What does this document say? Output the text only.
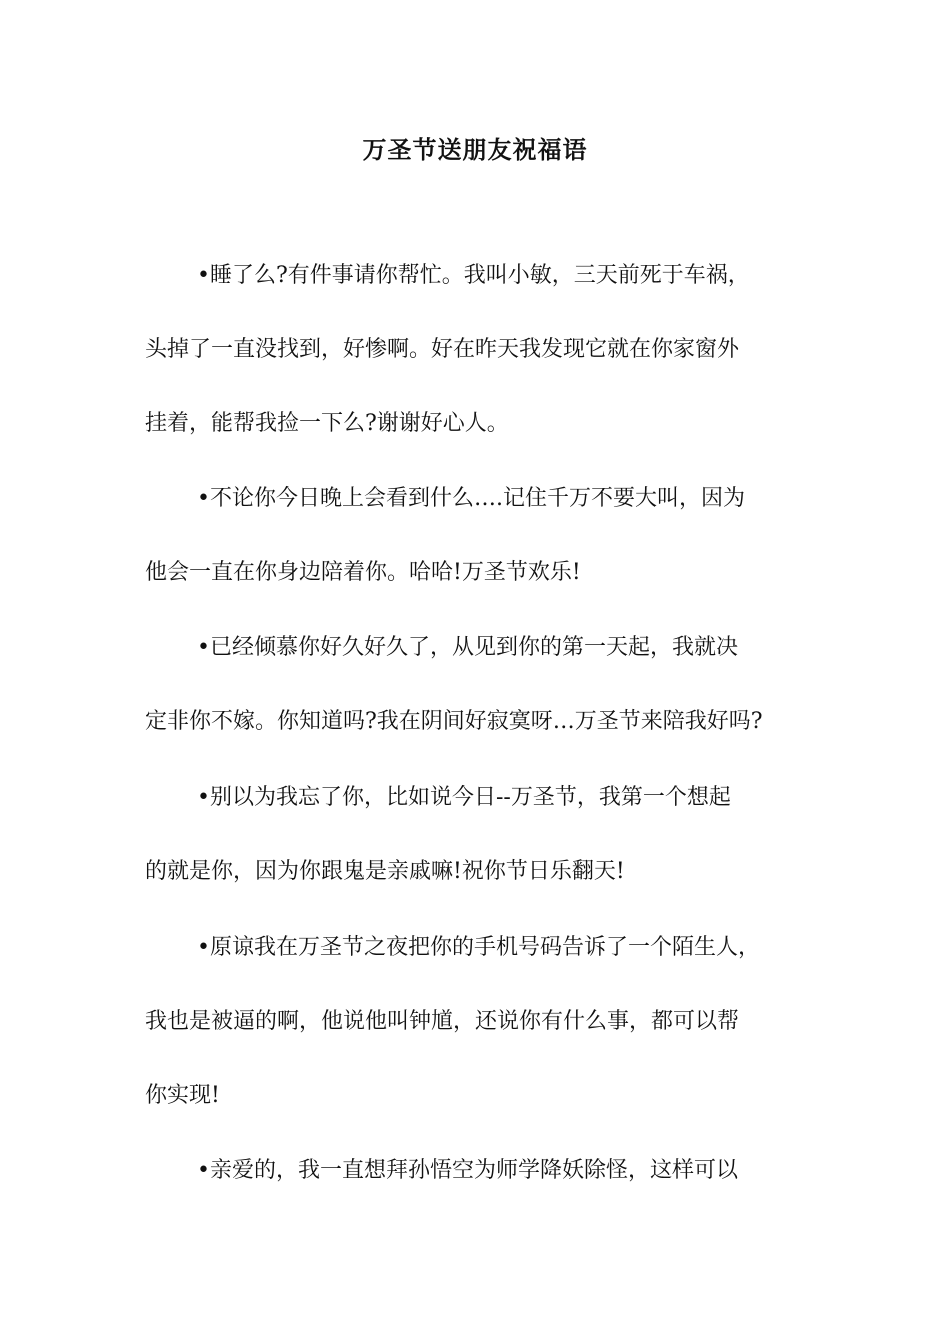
万圣节送朋友祝福语
•睡了么?有件事请你帮忙。我叫小敏，三天前死于车祸，
头掉了一直没找到，好惨啊。好在昨天我发现它就在你家窗外
挂着，能帮我捡一下么?谢谢好心人。
•不论你今日晚上会看到什么….记住千万不要大叫，因为
他会一直在你身边陪着你。哈哈!万圣节欢乐!
•已经倾慕你好久好久了，从见到你的第一天起，我就决
定非你不嫁。你知道吗?我在阴间好寂寞呀…万圣节来陪我好吗?
•别以为我忘了你，比如说今日--万圣节，我第一个想起
的就是你，因为你跟鬼是亲戚嘛!祝你节日乐翻天!
•原谅我在万圣节之夜把你的手机号码告诉了一个陌生人，
我也是被逼的啊，他说他叫钟馗，还说你有什么事，都可以帮
你实现!
•亲爱的，我一直想拜孙悟空为师学降妖除怪，这样可以
